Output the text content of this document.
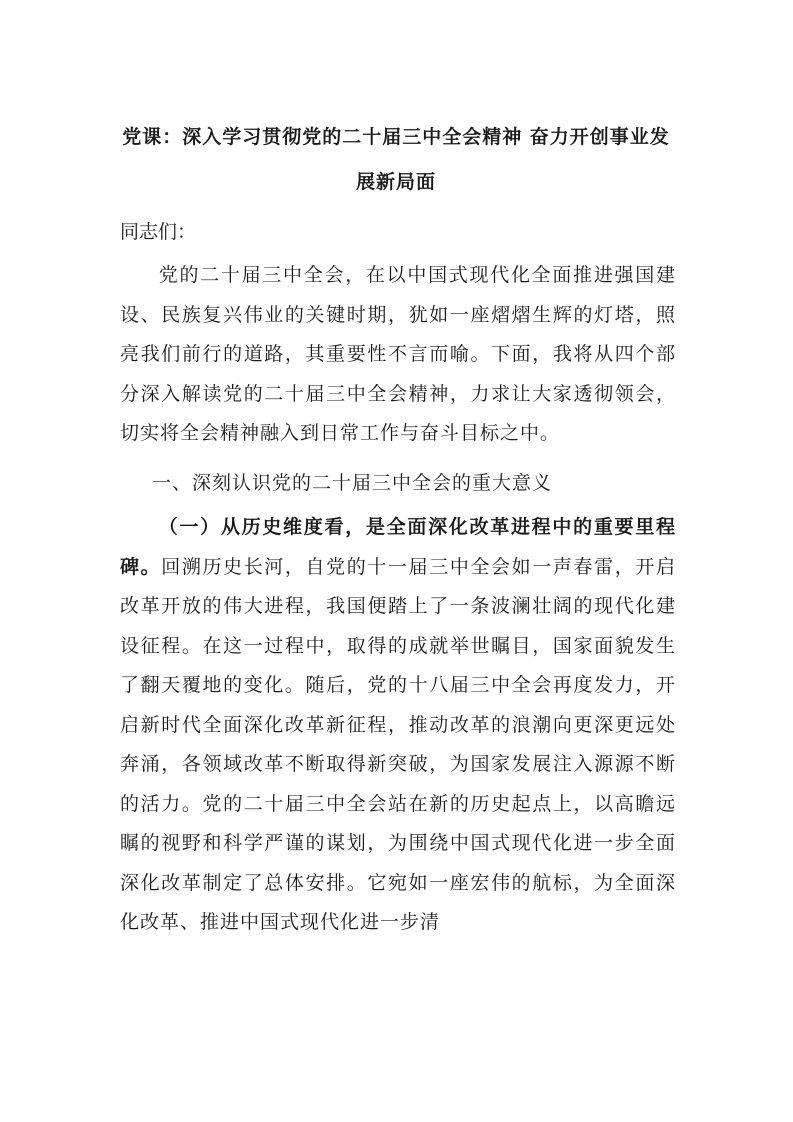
党课：深入学习贯彻党的二十届三中全会精神 奋力开创事业发展新局面
同志们：
党的二十届三中全会，在以中国式现代化全面推进强国建设、民族复兴伟业的关键时期，犹如一座熠熠生辉的灯塔，照亮我们前行的道路，其重要性不言而喻。下面，我将从四个部分深入解读党的二十届三中全会精神，力求让大家透彻领会，切实将全会精神融入到日常工作与奋斗目标之中。
一、深刻认识党的二十届三中全会的重大意义
（一）从历史维度看，是全面深化改革进程中的重要里程碑。回溯历史长河，自党的十一届三中全会如一声春雷，开启改革开放的伟大进程，我国便踏上了一条波澜壮阔的现代化建设征程。在这一过程中，取得的成就举世瞩目，国家面貌发生了翻天覆地的变化。随后，党的十八届三中全会再度发力，开启新时代全面深化改革新征程，推动改革的浪潮向更深更远处奔涌，各领域改革不断取得新突破，为国家发展注入源源不断的活力。党的二十届三中全会站在新的历史起点上，以高瞻远瞩的视野和科学严谨的谋划，为围绕中国式现代化进一步全面深化改革制定了总体安排。它宛如一座宏伟的航标，为全面深化改革、推进中国式现代化进一步清
